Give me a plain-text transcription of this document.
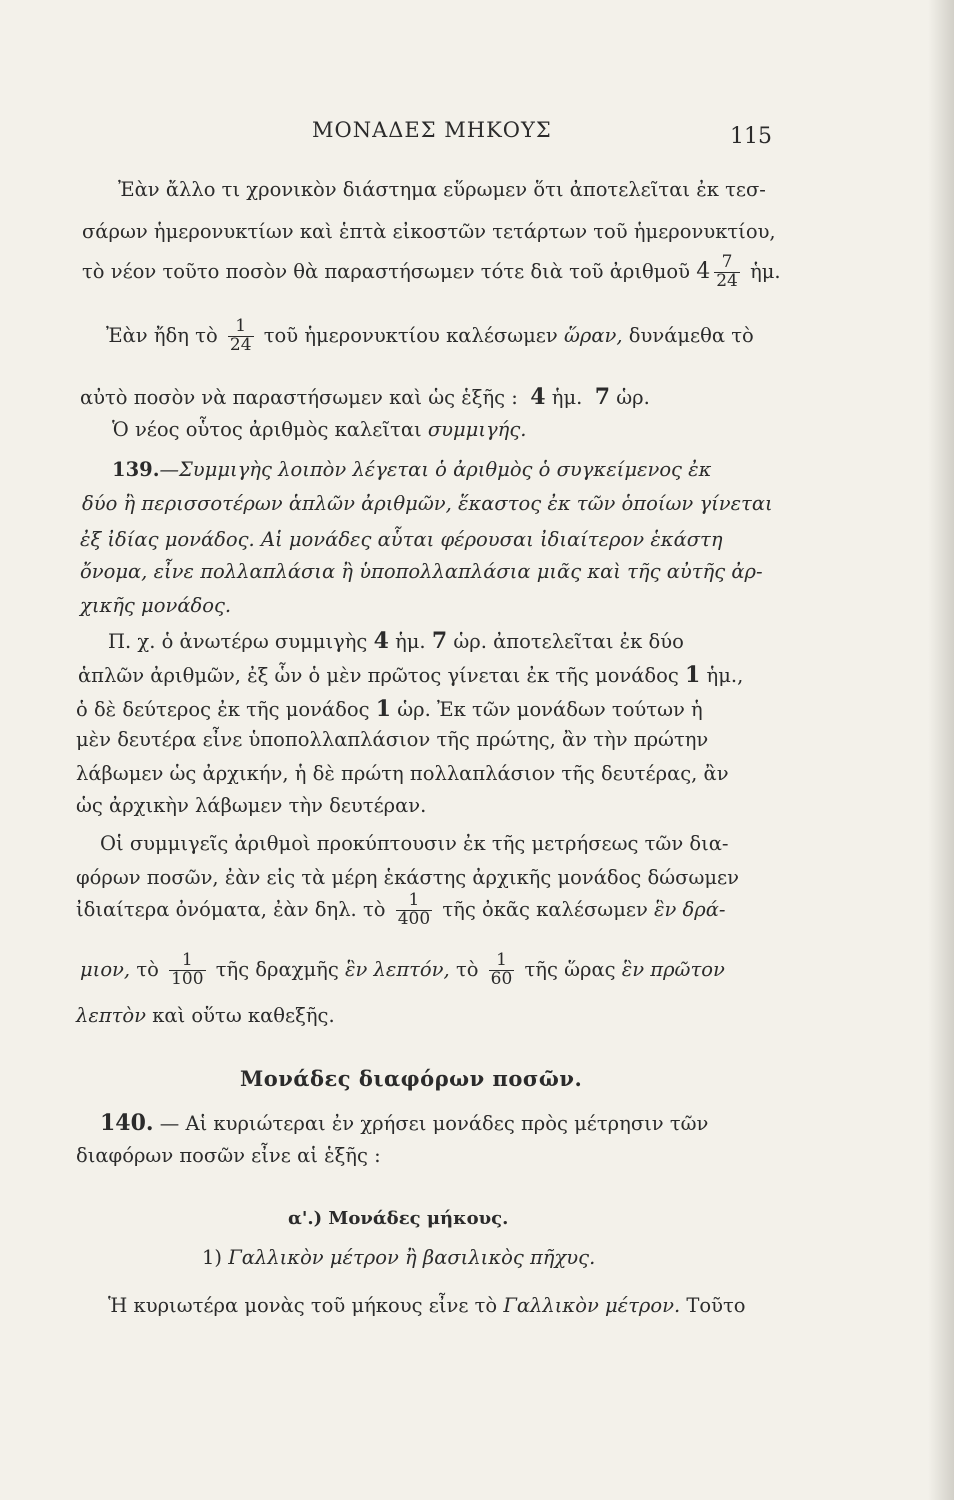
ΜΟΝΑΔΕΣ ΜΗΚΟΥΣ	115
Ἐὰν ἄλλο τι χρονικὸν διάστημα εὕρωμεν ὅτι ἀποτελεῖται ἐκ τεσ-
σάρων ἡμερονυκτίων καὶ ἑπτὰ εἰκοστῶν τετάρτων τοῦ ἡμερονυκτίου,
τὸ νέον τοῦτο ποσὸν θὰ παραστήσωμεν τότε διὰ τοῦ ἀριθμοῦ $4 \frac{7}{24}$ ἡμ.
Ἐὰν ἤδη τὸ $\frac{1}{24}$ τοῦ ἡμερονυκτίου καλέσωμεν ὥραν, δυνάμεθα τὸ
αὐτὸ ποσὸν νὰ παραστήσωμεν καὶ ὡς ἑξῆς : 4 ἡμ. 7 ὡρ.
Ὁ νέος οὗτος ἀριθμὸς καλεῖται συμμιγής.
139.—Συμμιγὴς λοιπὸν λέγεται ὁ ἀριθμὸς ὁ συγκείμενος ἐκ
δύο ἢ περισσοτέρων ἁπλῶν ἀριθμῶν, ἕκαστος ἐκ τῶν ὁποίων γίνεται
ἐξ ἰδίας μονάδος. Αἱ μονάδες αὗται φέρουσαι ἰδιαίτερον ἑκάστη
ὄνομα, εἶνε πολλαπλάσια ἢ ὑποπολλαπλάσια μιᾶς καὶ τῆς αὐτῆς ἀρ-
χικῆς μονάδος.
Π. χ. ὁ ἀνωτέρω συμμιγὴς 4 ἡμ. 7 ὡρ. ἀποτελεῖται ἐκ δύο
ἁπλῶν ἀριθμῶν, ἐξ ὧν ὁ μὲν πρῶτος γίνεται ἐκ τῆς μονάδος 1 ἡμ.,
ὁ δὲ δεύτερος ἐκ τῆς μονάδος 1 ὡρ. Ἐκ τῶν μονάδων τούτων ἡ
μὲν δευτέρα εἶνε ὑποπολλαπλάσιον τῆς πρώτης, ἂν τὴν πρώτην
λάβωμεν ὡς ἀρχικήν, ἡ δὲ πρώτη πολλαπλάσιον τῆς δευτέρας, ἂν
ὡς ἀρχικὴν λάβωμεν τὴν δευτέραν.
Οἱ συμμιγεῖς ἀριθμοὶ προκύπτουσιν ἐκ τῆς μετρήσεως τῶν δια-
φόρων ποσῶν, ἐὰν εἰς τὰ μέρη ἑκάστης ἀρχικῆς μονάδος δώσωμεν
ἰδιαίτερα ὀνόματα, ἐὰν δηλ. τὸ $\frac{1}{400}$ τῆς ὀκᾶς καλέσωμεν ἓν δρά-
μιον, τὸ $\frac{1}{100}$ τῆς δραχμῆς ἓν λεπτόν, τὸ $\frac{1}{60}$ τῆς ὥρας ἓν πρῶτον
λεπτὸν καὶ οὕτω καθεξῆς.
Μονάδες διαφόρων ποσῶν.
140. — Αἱ κυριώτεραι ἐν χρήσει μονάδες πρὸς μέτρησιν τῶν
διαφόρων ποσῶν εἶνε αἱ ἑξῆς :
α'.) Μονάδες μήκους.
1) Γαλλικὸν μέτρον ἢ βασιλικὸς πῆχυς.
Ἡ κυριωτέρα μονὰς τοῦ μήκους εἶνε τὸ Γαλλικὸν μέτρον. Τοῦτο
